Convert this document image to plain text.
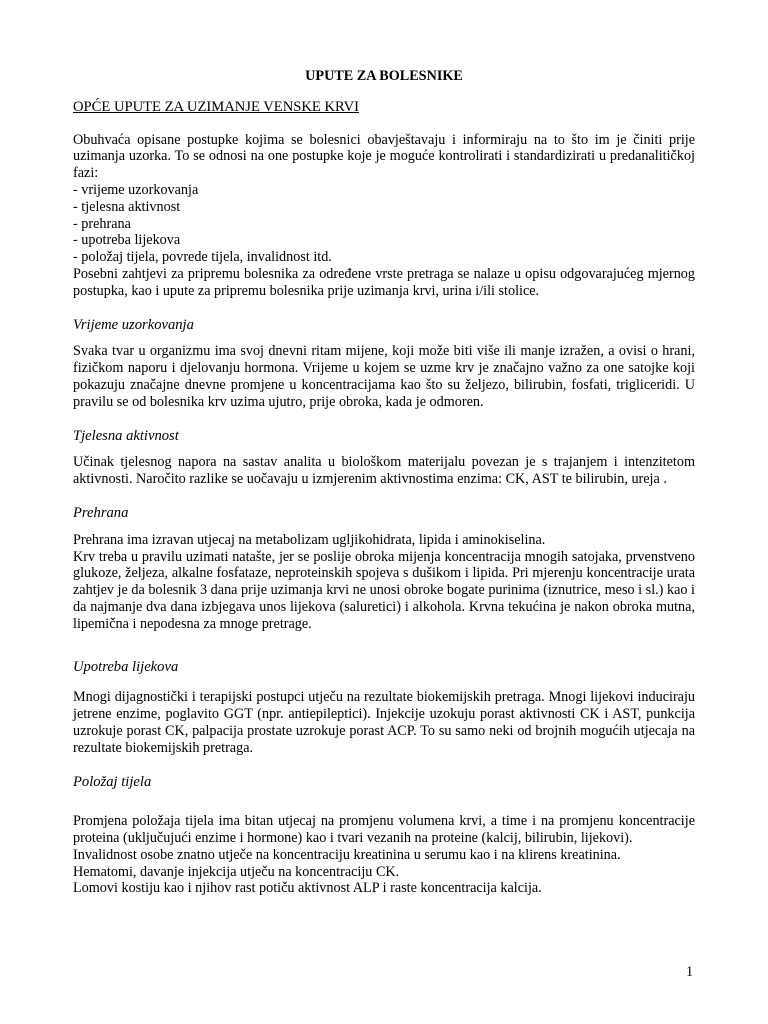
UPUTE ZA BOLESNIKE
OPĆE UPUTE ZA UZIMANJE VENSKE KRVI

Obuhvaća opisane postupke kojima se bolesnici obavještavaju i informiraju na to što im je činiti prije uzimanja uzorka. To se odnosi na one postupke koje je moguće kontrolirati i standardizirati u predanalitičkoj fazi:

- vrijeme uzorkovanja
- tjelesna aktivnost
- prehrana
- upotreba lijekova
- položaj tijela, povrede tijela, invalidnost itd.

Posebni zahtjevi za pripremu bolesnika za određene vrste pretraga se nalaze u opisu odgovarajućeg mjernog postupka, kao i upute za pripremu bolesnika prije uzimanja krvi, urina i/ili stolice.

Vrijeme uzorkovanja

Svaka tvar u organizmu ima svoj dnevni ritam mijene, koji može biti više ili manje izražen, a ovisi o hrani, fizičkom naporu i djelovanju hormona. Vrijeme u kojem se uzme krv je značajno važno za one satojke koji pokazuju značajne dnevne promjene u koncentracijama kao što su željezo, bilirubin, fosfati, trigliceridi. U pravilu se od bolesnika krv uzima ujutro, prije obroka, kada je odmoren.

Tjelesna aktivnost

Učinak tjelesnog napora na sastav analita u biološkom materijalu povezan je s trajanjem i intenzitetom aktivnosti. Naročito razlike se uočavaju u izmjerenim aktivnostima enzima: CK, AST te bilirubin, ureja .

Prehrana

Prehrana ima izravan utjecaj na metabolizam ugljikohidrata, lipida i aminokiselina.

Krv treba u pravilu uzimati natašte, jer se poslije obroka mijenja koncentracija mnogih satojaka, prvenstveno glukoze, željeza, alkalne fosfataze, neproteinskih spojeva s dušikom i lipida. Pri mjerenju koncentracije urata zahtjev je da bolesnik 3 dana prije uzimanja krvi ne unosi obroke bogate purinima (iznutrice, meso i sl.) kao i da najmanje dva dana izbjegava unos lijekova (saluretici) i alkohola. Krvna tekućina je nakon obroka mutna, lipemična i nepodesna za mnoge pretrage.

Upotreba lijekova

Mnogi dijagnostički i terapijski postupci utječu na rezultate biokemijskih pretraga. Mnogi lijekovi induciraju jetrene enzime, poglavito GGT (npr. antiepileptici). Injekcije uzokuju porast aktivnosti CK i AST, punkcija uzrokuje porast CK, palpacija prostate uzrokuje porast ACP. To su samo neki od brojnih mogućih utjecaja na rezultate biokemijskih pretraga.

Položaj tijela

Promjena položaja tijela ima bitan utjecaj na promjenu volumena krvi, a time i na promjenu koncentracije proteina (uključujući enzime i hormone) kao i tvari vezanih na proteine (kalcij, bilirubin, lijekovi).

Invalidnost osobe znatno utječe na koncentraciju kreatinina u serumu kao i na klirens kreatinina.

Hematomi, davanje injekcija utječu na koncentraciju CK.

Lomovi kostiju kao i njihov rast potiču aktivnost ALP i raste koncentracija kalcija.

1
